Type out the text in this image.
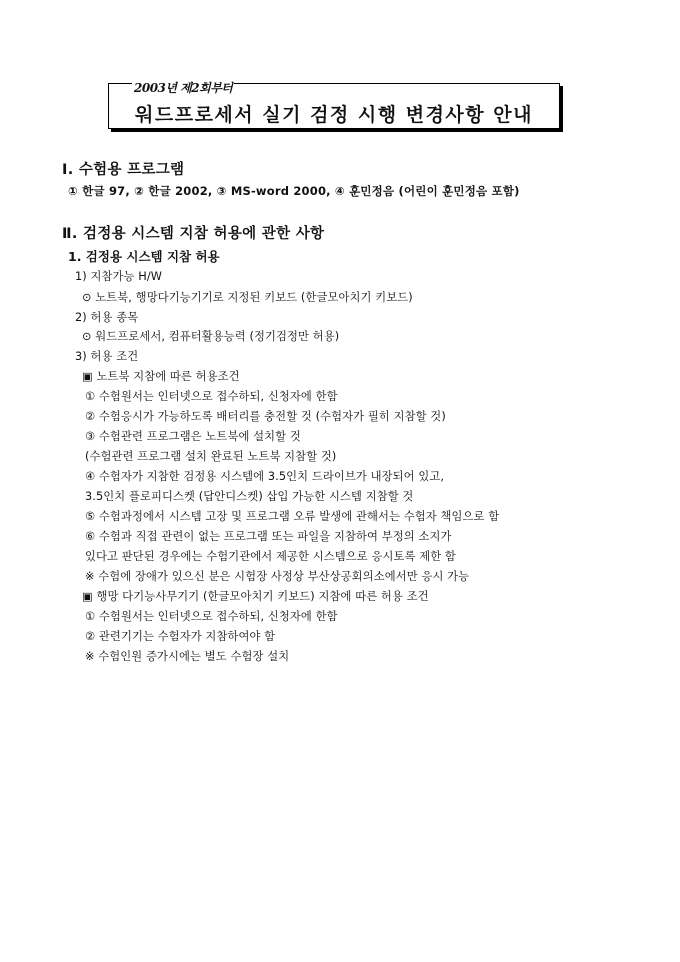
2003년 제2회부터
워드프로세서 실기 검정 시행 변경사항 안내
Ⅰ. 수험용 프로그램
① 한글 97, ② 한글 2002, ③ MS-word 2000, ④ 훈민정음 (어린이 훈민정음 포함)
Ⅱ. 검정용 시스템 지참 허용에 관한 사항
1. 검정용 시스템 지참 허용
1) 지참가능 H/W
⊙ 노트북, 행망다기능기기로 지정된 키보드 (한글모아치기 키보드)
2) 허용 종목
⊙ 워드프로세서, 컴퓨터활용능력 (정기검정만 허용)
3) 허용 조건
▣ 노트북 지참에 따른 허용조건
① 수험원서는 인터넷으로 접수하되, 신청자에 한함
② 수험응시가 가능하도록 배터리를 충전할 것 (수험자가 필히 지참할 것)
③ 수험관련 프로그램은 노트북에 설치할 것
(수험관련 프로그램 설치 완료된 노트북 지참할 것)
④ 수험자가 지참한 검정용 시스템에 3.5인치 드라이브가 내장되어 있고,
3.5인치 플로피디스켓 (답안디스켓) 삽입 가능한 시스템 지참할 것
⑤ 수험과정에서 시스템 고장 및 프로그램 오류 발생에 관해서는 수험자 책임으로 함
⑥ 수험과 직접 관련이 없는 프로그램 또는 파일을 지참하여 부정의 소지가
있다고 판단된 경우에는 수험기관에서 제공한 시스템으로 응시토록 제한 함
※ 수험에 장애가 있으신 분은 시험장 사정상 부산상공회의소에서만 응시 가능
▣ 행망 다기능사무기기 (한글모아치기 키보드) 지참에 따른 허용 조건
① 수험원서는 인터넷으로 접수하되, 신청자에 한함
② 관련기기는 수험자가 지참하여야 함
※ 수험인원 증가시에는 별도 수험장 설치
